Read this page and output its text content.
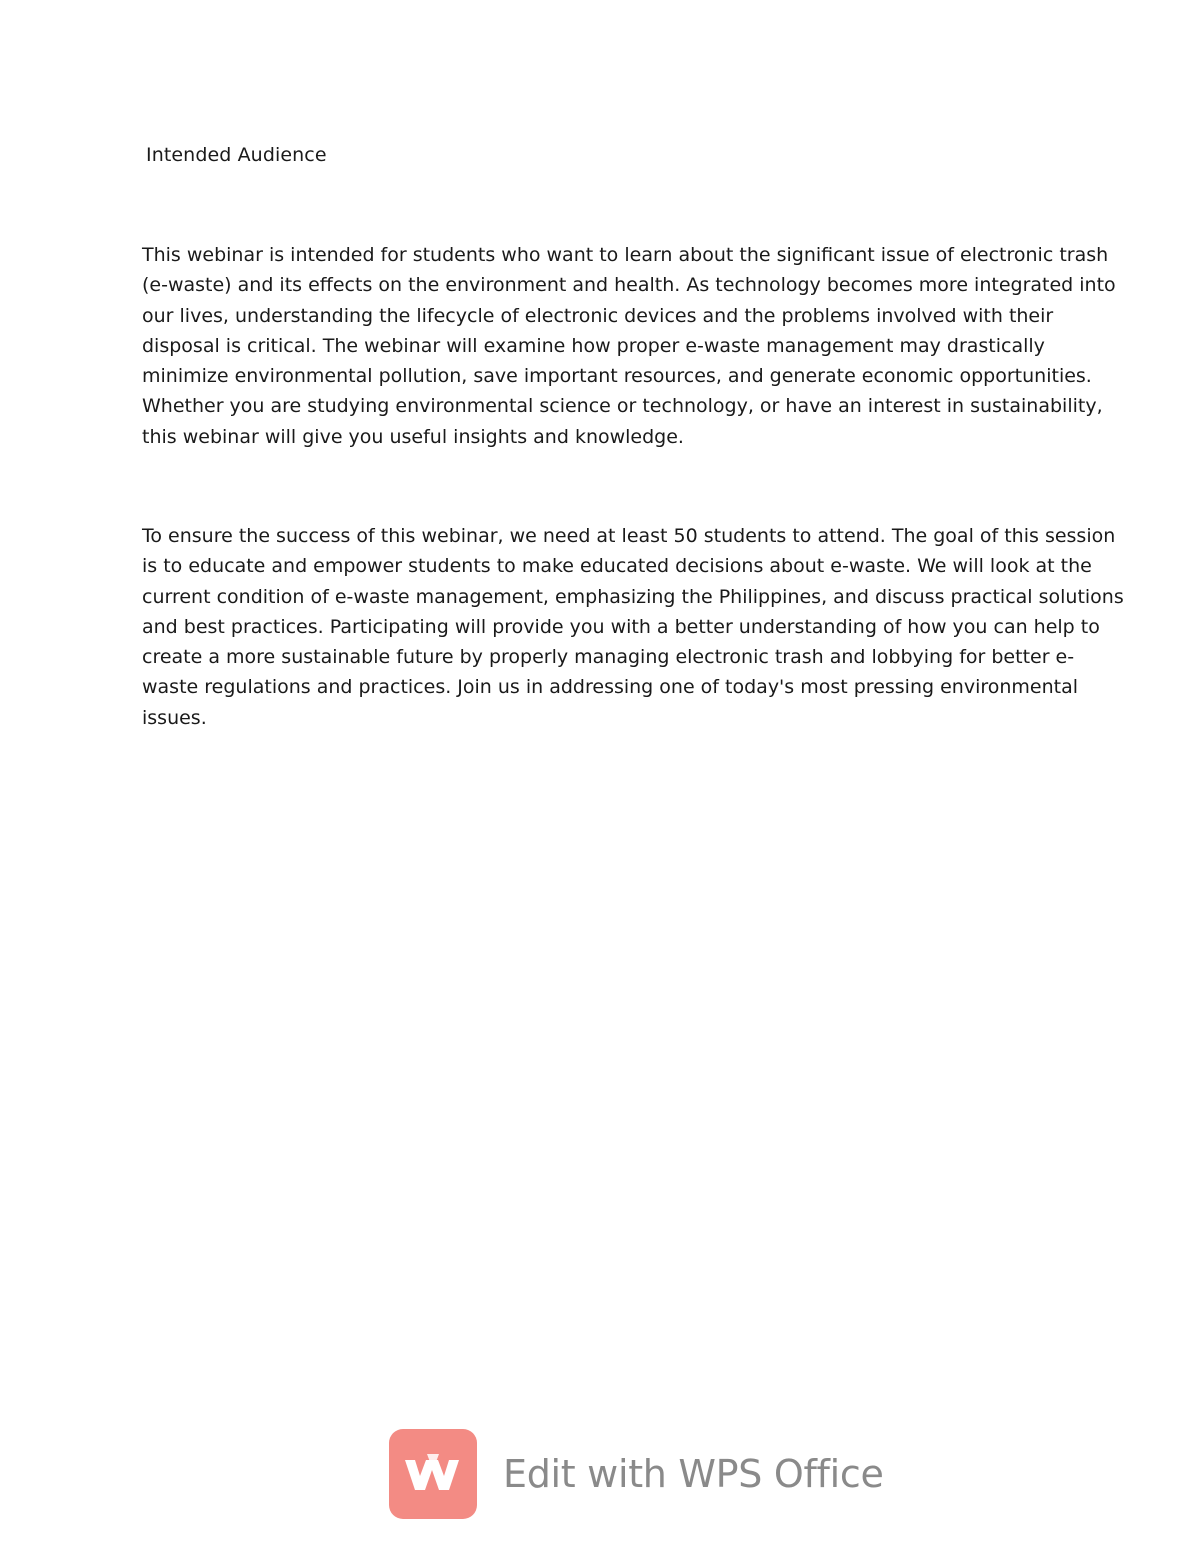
Intended Audience

This webinar is intended for students who want to learn about the significant issue of electronic trash
(e-waste) and its effects on the environment and health. As technology becomes more integrated into
our lives, understanding the lifecycle of electronic devices and the problems involved with their
disposal is critical. The webinar will examine how proper e-waste management may drastically
minimize environmental pollution, save important resources, and generate economic opportunities.
Whether you are studying environmental science or technology, or have an interest in sustainability,
this webinar will give you useful insights and knowledge.

To ensure the success of this webinar, we need at least 50 students to attend. The goal of this session
is to educate and empower students to make educated decisions about e-waste. We will look at the
current condition of e-waste management, emphasizing the Philippines, and discuss practical solutions
and best practices. Participating will provide you with a better understanding of how you can help to
create a more sustainable future by properly managing electronic trash and lobbying for better e-
waste regulations and practices. Join us in addressing one of today's most pressing environmental
issues.

Edit with WPS Office
